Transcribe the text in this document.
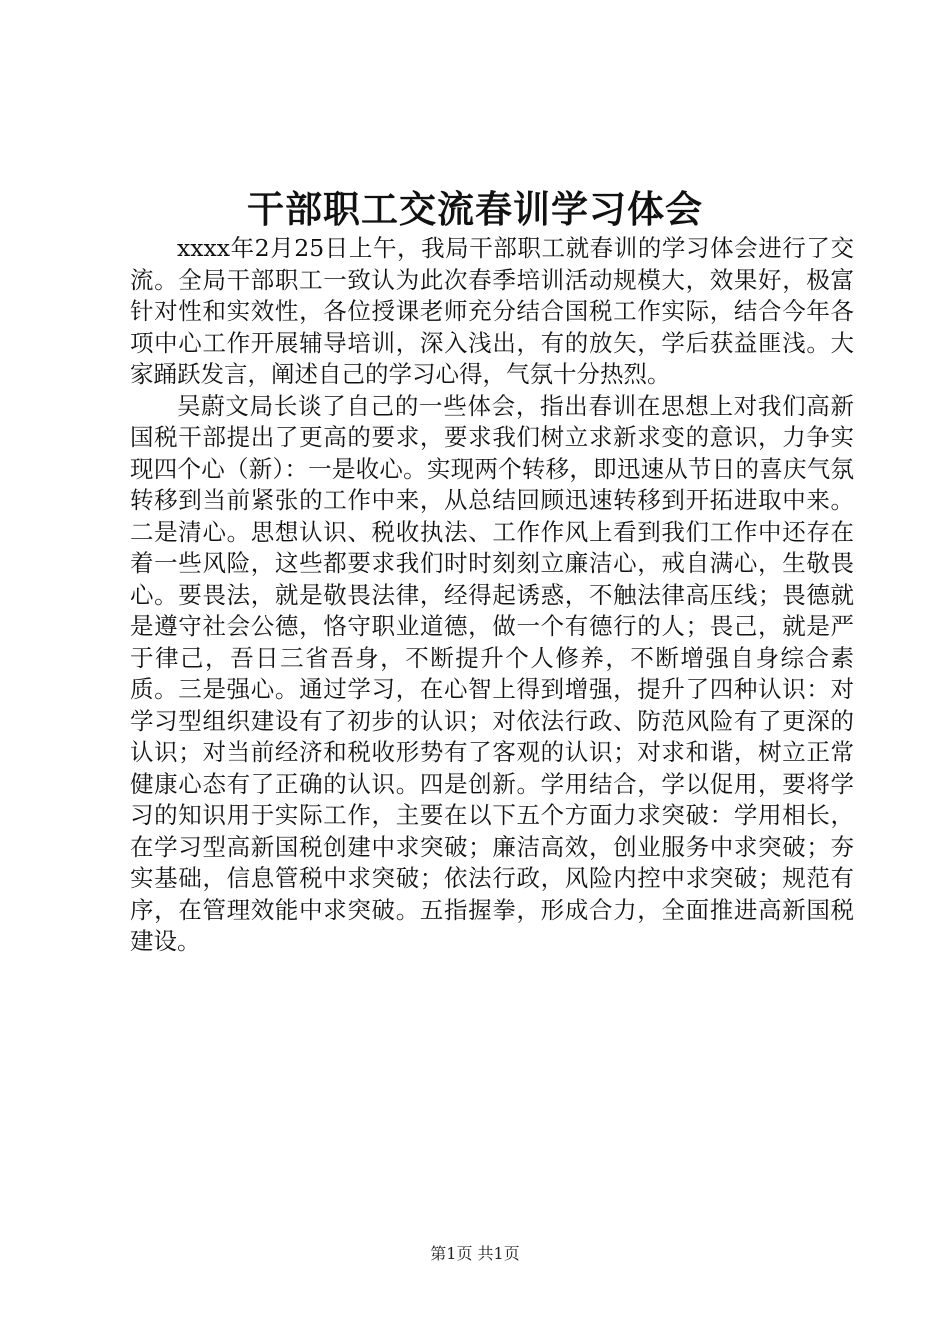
干部职工交流春训学习体会

xxxx年2月25日上午，我局干部职工就春训的学习体会进行了交流。全局干部职工一致认为此次春季培训活动规模大，效果好，极富针对性和实效性，各位授课老师充分结合国税工作实际，结合今年各项中心工作开展辅导培训，深入浅出，有的放矢，学后获益匪浅。大家踊跃发言，阐述自己的学习心得，气氛十分热烈。

吴蔚文局长谈了自己的一些体会，指出春训在思想上对我们高新国税干部提出了更高的要求，要求我们树立求新求变的意识，力争实现四个心（新）：一是收心。实现两个转移，即迅速从节日的喜庆气氛转移到当前紧张的工作中来，从总结回顾迅速转移到开拓进取中来。二是清心。思想认识、税收执法、工作作风上看到我们工作中还存在着一些风险，这些都要求我们时时刻刻立廉洁心，戒自满心，生敬畏心。要畏法，就是敬畏法律，经得起诱惑，不触法律高压线；畏德就是遵守社会公德，恪守职业道德，做一个有德行的人；畏己，就是严于律己，吾日三省吾身，不断提升个人修养，不断增强自身综合素质。三是强心。通过学习，在心智上得到增强，提升了四种认识：对学习型组织建设有了初步的认识；对依法行政、防范风险有了更深的认识；对当前经济和税收形势有了客观的认识；对求和谐，树立正常健康心态有了正确的认识。四是创新。学用结合，学以促用，要将学习的知识用于实际工作，主要在以下五个方面力求突破：学用相长，在学习型高新国税创建中求突破；廉洁高效，创业服务中求突破；夯实基础，信息管税中求突破；依法行政，风险内控中求突破；规范有序，在管理效能中求突破。五指握拳，形成合力，全面推进高新国税建设。

第1页 共1页
